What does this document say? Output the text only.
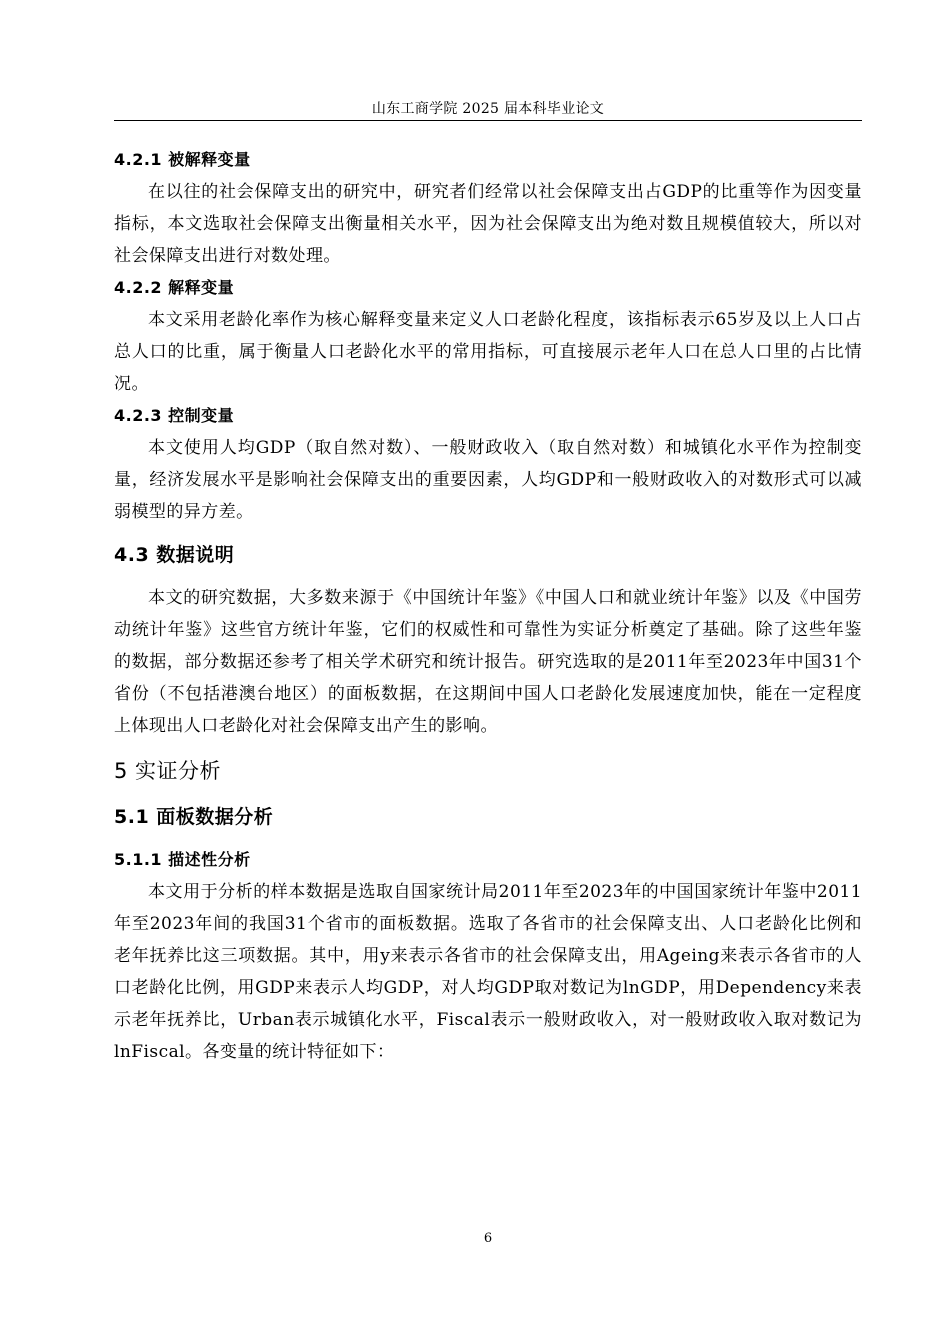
山东工商学院 2025 届本科毕业论文
4.2.1 被解释变量

在以往的社会保障支出的研究中，研究者们经常以社会保障支出占GDP的比重等作为因变量指标，本文选取社会保障支出衡量相关水平，因为社会保障支出为绝对数且规模值较大，所以对社会保障支出进行对数处理。

4.2.2 解释变量

本文采用老龄化率作为核心解释变量来定义人口老龄化程度，该指标表示65岁及以上人口占总人口的比重，属于衡量人口老龄化水平的常用指标，可直接展示老年人口在总人口里的占比情况。

4.2.3 控制变量

本文使用人均GDP（取自然对数）、一般财政收入（取自然对数）和城镇化水平作为控制变量，经济发展水平是影响社会保障支出的重要因素，人均GDP和一般财政收入的对数形式可以减弱模型的异方差。

4.3 数据说明

本文的研究数据，大多数来源于《中国统计年鉴》《中国人口和就业统计年鉴》以及《中国劳动统计年鉴》这些官方统计年鉴，它们的权威性和可靠性为实证分析奠定了基础。除了这些年鉴的数据，部分数据还参考了相关学术研究和统计报告。研究选取的是2011年至2023年中国31个省份（不包括港澳台地区）的面板数据，在这期间中国人口老龄化发展速度加快，能在一定程度上体现出人口老龄化对社会保障支出产生的影响。

5 实证分析
5.1 面板数据分析
5.1.1 描述性分析

本文用于分析的样本数据是选取自国家统计局2011年至2023年的中国国家统计年鉴中2011年至2023年间的我国31个省市的面板数据。选取了各省市的社会保障支出、人口老龄化比例和老年抚养比这三项数据。其中，用y来表示各省市的社会保障支出，用Ageing来表示各省市的人口老龄化比例，用GDP来表示人均GDP，对人均GDP取对数记为lnGDP，用Dependency来表示老年抚养比，Urban表示城镇化水平，Fiscal表示一般财政收入，对一般财政收入取对数记为lnFiscal。各变量的统计特征如下：

6
